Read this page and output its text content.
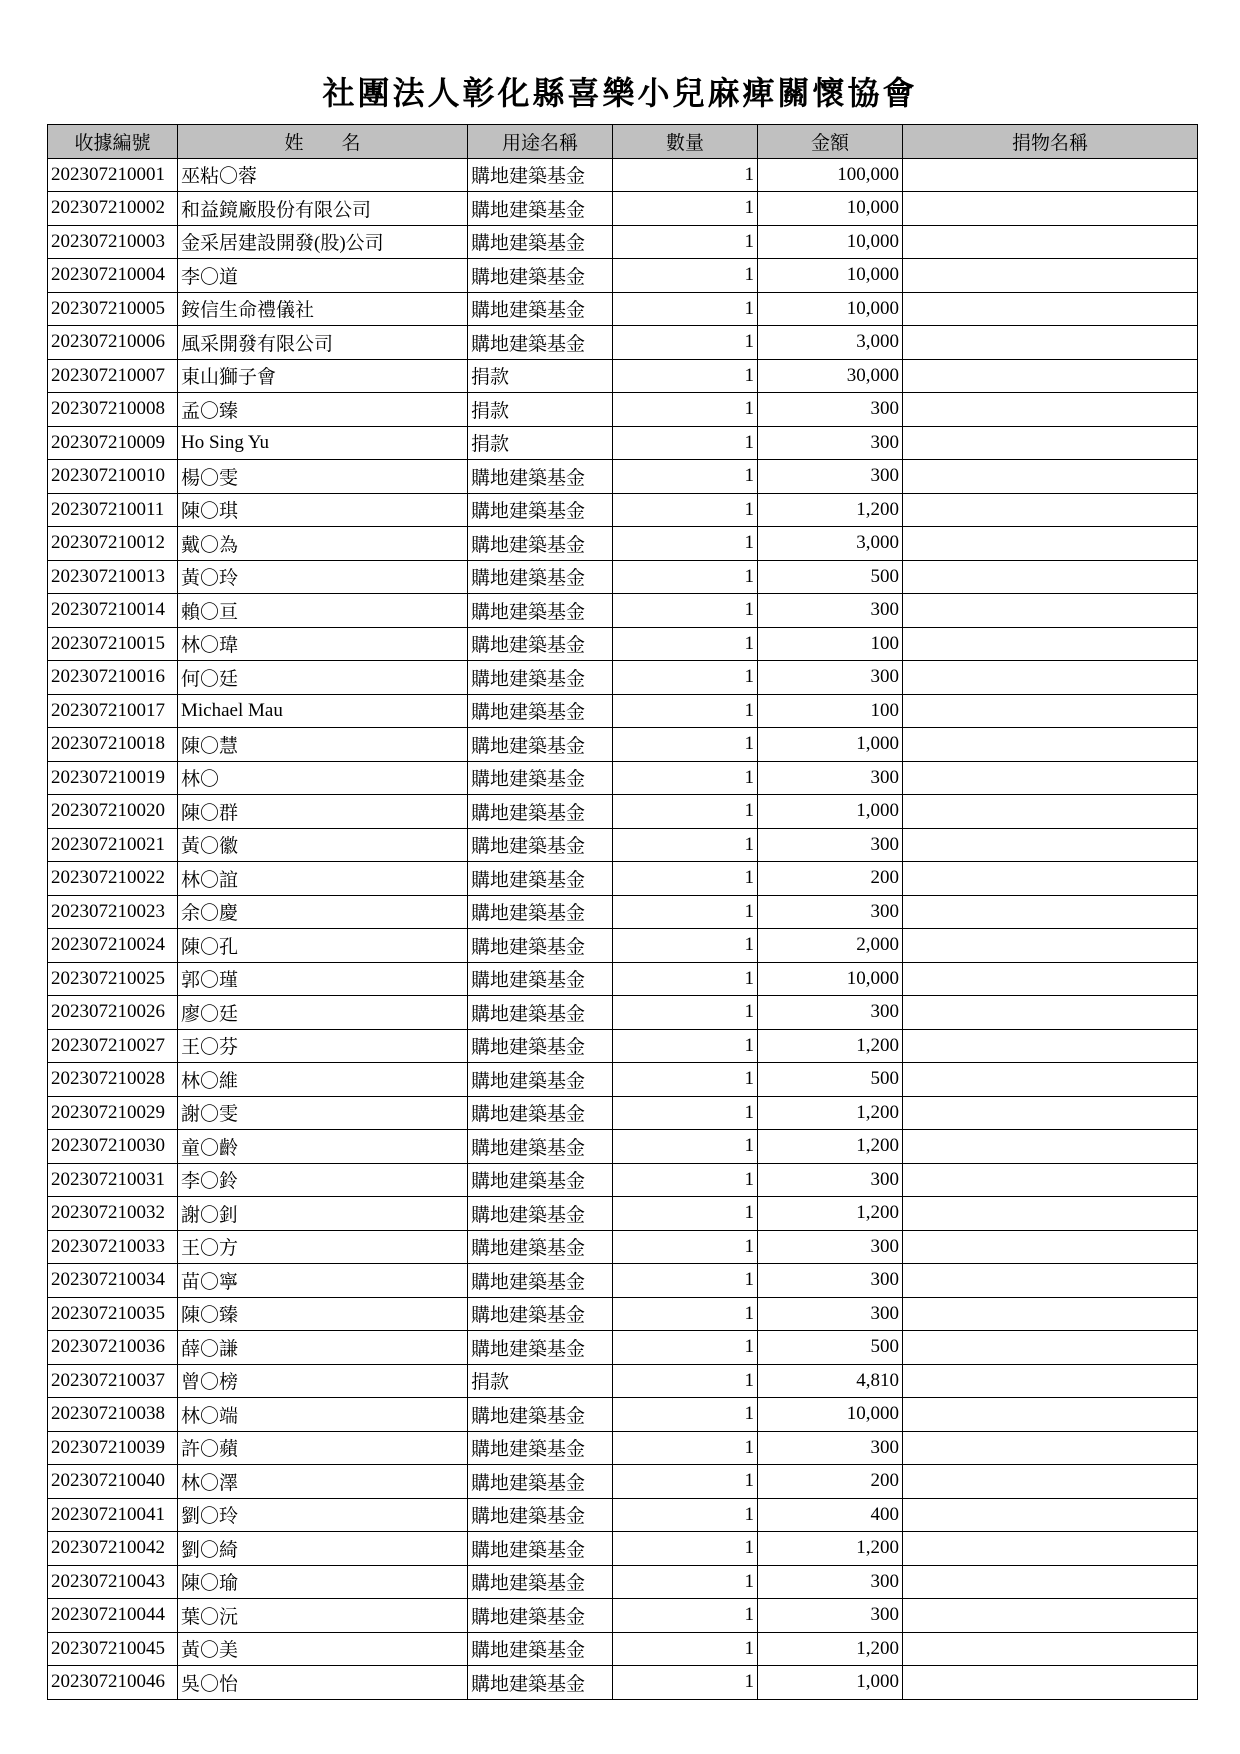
社團法人彰化縣喜樂小兒麻痺關懷協會
收據編號	姓　　名	用途名稱	數量	金額	捐物名稱
202307210001	巫粘〇蓉	購地建築基金	1	100,000	
202307210002	和益鏡廠股份有限公司	購地建築基金	1	10,000	
202307210003	金采居建設開發(股)公司	購地建築基金	1	10,000	
202307210004	李〇道	購地建築基金	1	10,000	
202307210005	銨信生命禮儀社	購地建築基金	1	10,000	
202307210006	風采開發有限公司	購地建築基金	1	3,000	
202307210007	東山獅子會	捐款	1	30,000	
202307210008	孟〇臻	捐款	1	300	
202307210009	Ho Sing Yu	捐款	1	300	
202307210010	楊〇雯	購地建築基金	1	300	
202307210011	陳〇琪	購地建築基金	1	1,200	
202307210012	戴〇為	購地建築基金	1	3,000	
202307210013	黃〇玲	購地建築基金	1	500	
202307210014	賴〇亘	購地建築基金	1	300	
202307210015	林〇瑋	購地建築基金	1	100	
202307210016	何〇廷	購地建築基金	1	300	
202307210017	Michael Mau	購地建築基金	1	100	
202307210018	陳〇慧	購地建築基金	1	1,000	
202307210019	林〇	購地建築基金	1	300	
202307210020	陳〇群	購地建築基金	1	1,000	
202307210021	黃〇徽	購地建築基金	1	300	
202307210022	林〇誼	購地建築基金	1	200	
202307210023	余〇慶	購地建築基金	1	300	
202307210024	陳〇孔	購地建築基金	1	2,000	
202307210025	郭〇瑾	購地建築基金	1	10,000	
202307210026	廖〇廷	購地建築基金	1	300	
202307210027	王〇芬	購地建築基金	1	1,200	
202307210028	林〇維	購地建築基金	1	500	
202307210029	謝〇雯	購地建築基金	1	1,200	
202307210030	童〇齡	購地建築基金	1	1,200	
202307210031	李〇鈴	購地建築基金	1	300	
202307210032	謝〇釗	購地建築基金	1	1,200	
202307210033	王〇方	購地建築基金	1	300	
202307210034	苗〇寧	購地建築基金	1	300	
202307210035	陳〇臻	購地建築基金	1	300	
202307210036	薛〇謙	購地建築基金	1	500	
202307210037	曾〇榜	捐款	1	4,810	
202307210038	林〇端	購地建築基金	1	10,000	
202307210039	許〇蘋	購地建築基金	1	300	
202307210040	林〇澤	購地建築基金	1	200	
202307210041	劉〇玲	購地建築基金	1	400	
202307210042	劉〇綺	購地建築基金	1	1,200	
202307210043	陳〇瑜	購地建築基金	1	300	
202307210044	葉〇沅	購地建築基金	1	300	
202307210045	黃〇美	購地建築基金	1	1,200	
202307210046	吳〇怡	購地建築基金	1	1,000	
